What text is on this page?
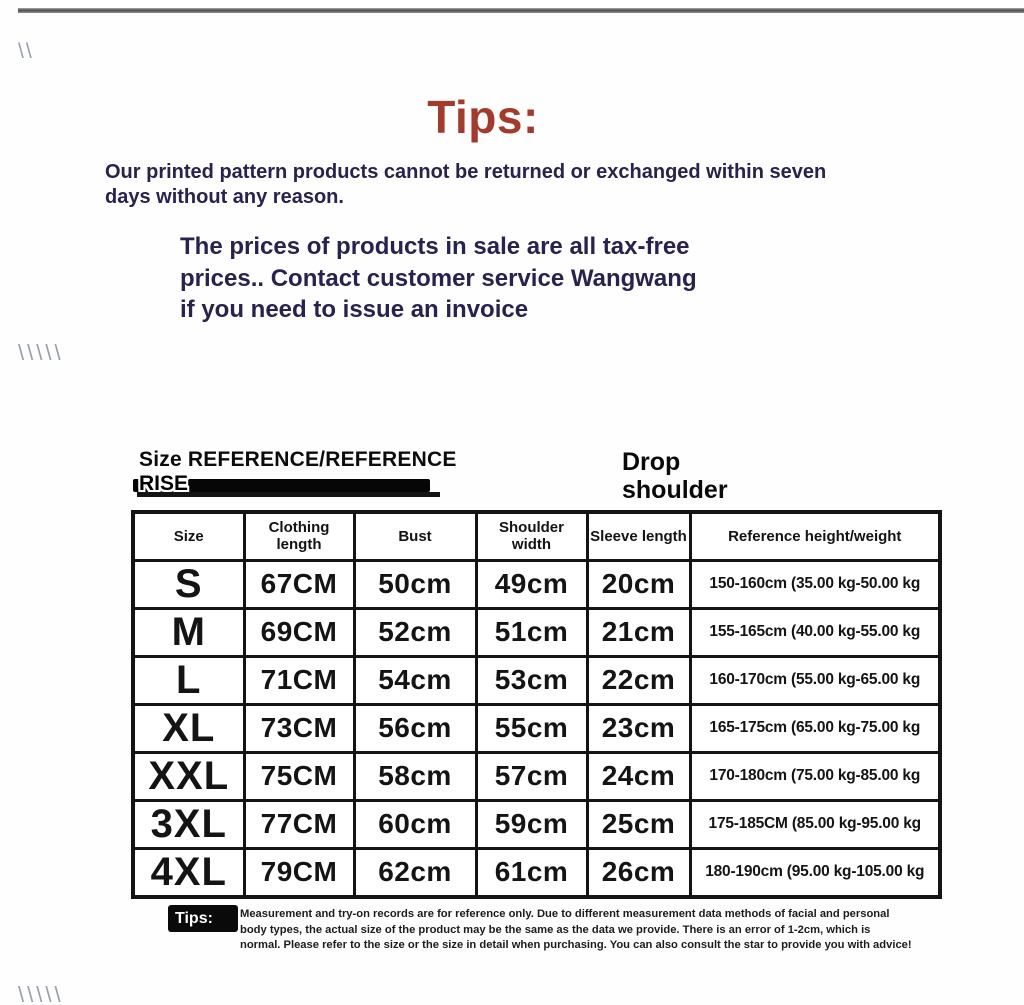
\\
Tips:
Our printed pattern products cannot be returned or exchanged within seven
days without any reason.
The prices of products in sale are all tax-free
prices.. Contact customer service Wangwang
if you need to issue an invoice
\\\\\
Size REFERENCE/REFERENCE
RISE
Drop shoulder
Size	Clothing length	Bust	Shoulder width	Sleeve length	Reference height/weight
S	67CM	50cm	49cm	20cm	150-160cm (35.00 kg-50.00 kg
M	69CM	52cm	51cm	21cm	155-165cm (40.00 kg-55.00 kg
L	71CM	54cm	53cm	22cm	160-170cm (55.00 kg-65.00 kg
XL	73CM	56cm	55cm	23cm	165-175cm (65.00 kg-75.00 kg
XXL	75CM	58cm	57cm	24cm	170-180cm (75.00 kg-85.00 kg
3XL	77CM	60cm	59cm	25cm	175-185CM (85.00 kg-95.00 kg
4XL	79CM	62cm	61cm	26cm	180-190cm (95.00 kg-105.00 kg
Tips:	Measurement and try-on records are for reference only. Due to different measurement data methods of facial and personal
body types, the actual size of the product may be the same as the data we provide. There is an error of 1-2cm, which is
normal. Please refer to the size or the size in detail when purchasing. You can also consult the star to provide you with advice!
\\\\\
